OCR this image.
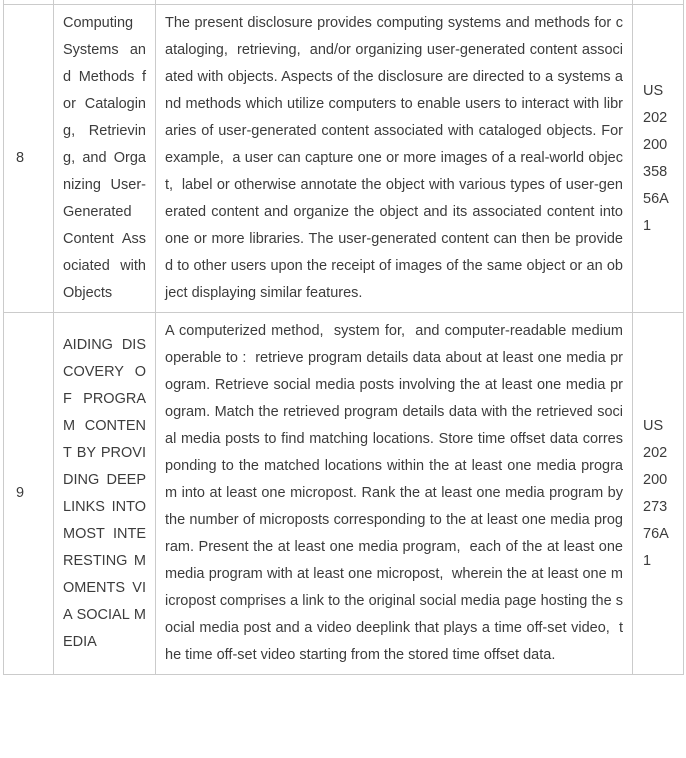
8	Computing Systems and Methods for Cataloging, Retrieving, and Organizing User-Generated Content Associated with Objects	The present disclosure provides computing systems and methods for cataloging,  retrieving,  and/or organizing user-generated content associated with objects. Aspects of the disclosure are directed to a systems and methods which utilize computers to enable users to interact with libraries of user-generated content associated with cataloged objects. For example,  a user can capture one or more images of a real-world object,  label or otherwise annotate the object with various types of user-generated content and organize the object and its associated content into one or more libraries. The user-generated content can then be provided to other users upon the receipt of images of the same object or an object displaying similar features.	US 20220035856A1
9	AIDING DISCOVERY OF PROGRAM CONTENT BY PROVIDING DEEPLINKS INTO MOST INTERESTING MOMENTS VIA SOCIAL MEDIA	A computerized method,  system for,  and computer-readable medium operable to :  retrieve program details data about at least one media program. Retrieve social media posts involving the at least one media program. Match the retrieved program details data with the retrieved social media posts to find matching locations. Store time offset data corresponding to the matched locations within the at least one media program into at least one micropost. Rank the at least one media program by the number of microposts corresponding to the at least one media program. Present the at least one media program,  each of the at least one media program with at least one micropost,  wherein the at least one micropost comprises a link to the original social media page hosting the social media post and a video deeplink that plays a time off-set video,  the time off-set video starting from the stored time offset data.	US 20220027376A1
